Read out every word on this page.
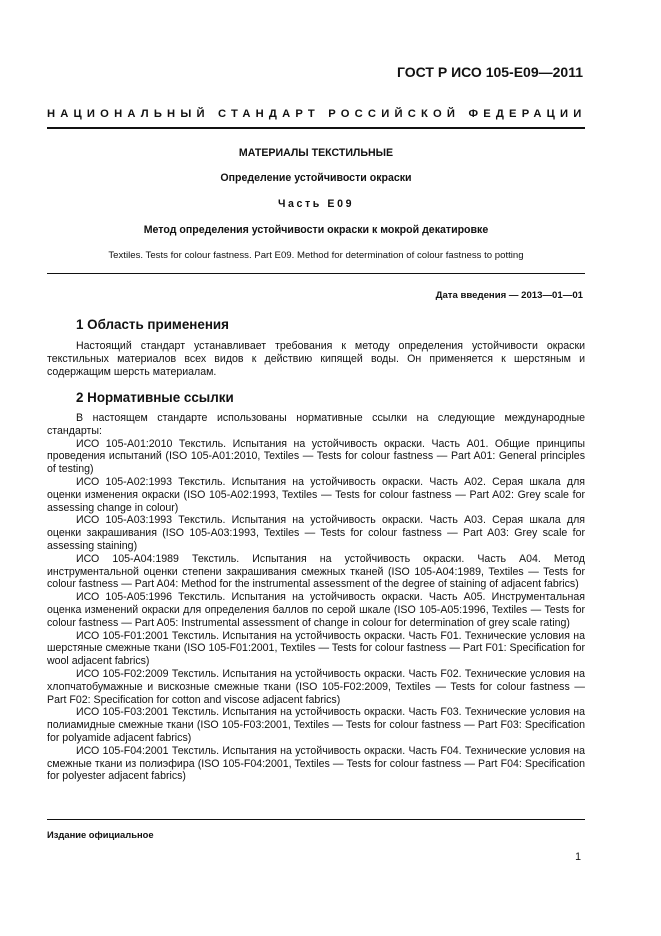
ГОСТ Р ИСО 105-E09—2011
НАЦИОНАЛЬНЫЙ СТАНДАРТ РОССИЙСКОЙ ФЕДЕРАЦИИ
МАТЕРИАЛЫ ТЕКСТИЛЬНЫЕ
Определение устойчивости окраски
Часть E09
Метод определения устойчивости окраски к мокрой декатировке
Textiles. Tests for colour fastness. Part E09. Method for determination of colour fastness to potting
Дата введения — 2013—01—01
1 Область применения

Настоящий стандарт устанавливает требования к методу определения устойчивости окраски текстильных материалов всех видов к действию кипящей воды. Он применяется к шерстяным и содержащим шерсть материалам.

2 Нормативные ссылки

В настоящем стандарте использованы нормативные ссылки на следующие международные стандарты:

ИСО 105-A01:2010 Текстиль. Испытания на устойчивость окраски. Часть A01. Общие принципы проведения испытаний (ISO 105-A01:2010, Textiles — Tests for colour fastness — Part A01: General principles of testing)

ИСО 105-A02:1993 Текстиль. Испытания на устойчивость окраски. Часть A02. Серая шкала для оценки изменения окраски (ISO 105-A02:1993, Textiles — Tests for colour fastness — Part A02: Grey scale for assessing change in colour)

ИСО 105-A03:1993 Текстиль. Испытания на устойчивость окраски. Часть A03. Серая шкала для оценки закрашивания (ISO 105-A03:1993, Textiles — Tests for colour fastness — Part A03: Grey scale for assessing staining)

ИСО 105-A04:1989 Текстиль. Испытания на устойчивость окраски. Часть A04. Метод инструментальной оценки степени закрашивания смежных тканей (ISO 105-A04:1989, Textiles — Tests for colour fastness — Part A04: Method for the instrumental assessment of the degree of staining of adjacent fabrics)

ИСО 105-A05:1996 Текстиль. Испытания на устойчивость окраски. Часть A05. Инструментальная оценка изменений окраски для определения баллов по серой шкале (ISO 105-A05:1996, Textiles — Tests for colour fastness — Part A05: Instrumental assessment of change in colour for determination of grey scale rating)

ИСО 105-F01:2001 Текстиль. Испытания на устойчивость окраски. Часть F01. Технические условия на шерстяные смежные ткани (ISO 105-F01:2001, Textiles — Tests for colour fastness — Part F01: Specification for wool adjacent fabrics)

ИСО 105-F02:2009 Текстиль. Испытания на устойчивость окраски. Часть F02. Технические условия на хлопчатобумажные и вискозные смежные ткани (ISO 105-F02:2009, Textiles — Tests for colour fastness — Part F02: Specification for cotton and viscose adjacent fabrics)

ИСО 105-F03:2001 Текстиль. Испытания на устойчивость окраски. Часть F03. Технические условия на полиамидные смежные ткани (ISO 105-F03:2001, Textiles — Tests for colour fastness — Part F03: Specification for polyamide adjacent fabrics)

ИСО 105-F04:2001 Текстиль. Испытания на устойчивость окраски. Часть F04. Технические условия на смежные ткани из полиэфира (ISO 105-F04:2001, Textiles — Tests for colour fastness — Part F04: Specification for polyester adjacent fabrics)

Издание официальное
1
